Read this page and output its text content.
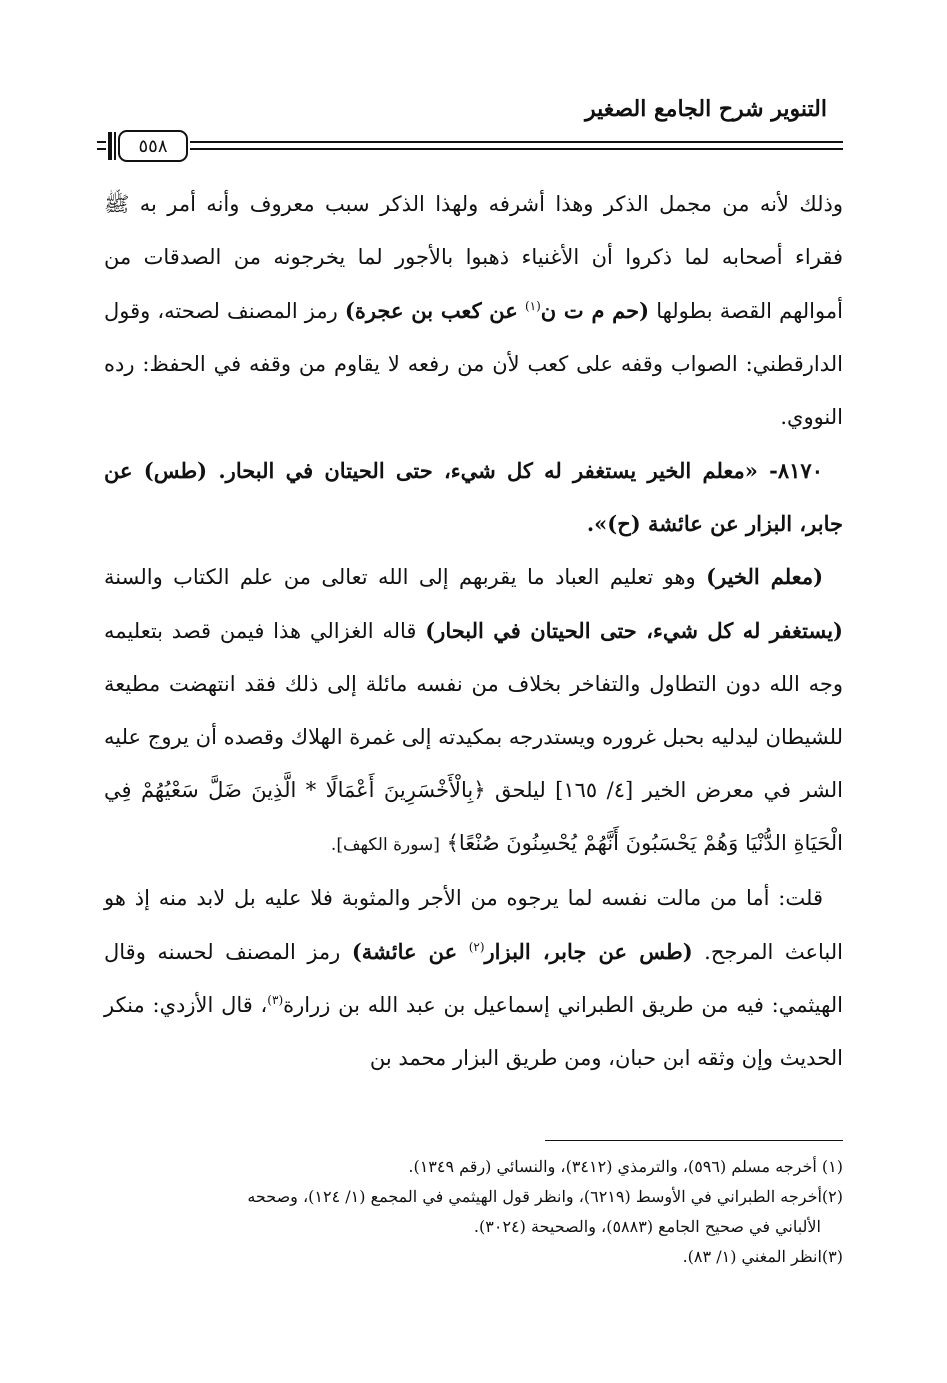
التنوير شرح الجامع الصغير
٥٥٨

وذلك لأنه من مجمل الذكر وهذا أشرفه ولهذا الذكر سبب معروف وأنه أمر به ﷺ فقراء أصحابه لما ذكروا أن الأغنياء ذهبوا بالأجور لما يخرجونه من الصدقات من أموالهم القصة بطولها (حم م ت ن$^{(١)}$ عن كعب بن عجرة) رمز المصنف لصحته، وقول الدارقطني: الصواب وقفه على كعب لأن من رفعه لا يقاوم من وقفه في الحفظ: رده النووي.

٨١٧٠- «معلم الخير يستغفر له كل شيء، حتى الحيتان في البحار. (طس) عن جابر، البزار عن عائشة (ح)».

(معلم الخير) وهو تعليم العباد ما يقربهم إلى الله تعالى من علم الكتاب والسنة (يستغفر له كل شيء، حتى الحيتان في البحار) قاله الغزالي هذا فيمن قصد بتعليمه وجه الله دون التطاول والتفاخر بخلاف من نفسه مائلة إلى ذلك فقد انتهضت مطيعة للشيطان ليدليه بحبل غروره ويستدرجه بمكيدته إلى غمرة الهلاك وقصده أن يروج عليه الشر في معرض الخير [٤/ ١٦٥] ليلحق ﴿بِالْأَخْسَرِينَ أَعْمَالًا * الَّذِينَ ضَلَّ سَعْيُهُمْ فِي الْحَيَاةِ الدُّنْيَا وَهُمْ يَحْسَبُونَ أَنَّهُمْ يُحْسِنُونَ صُنْعًا﴾ [سورة الكهف].

قلت: أما من مالت نفسه لما يرجوه من الأجر والمثوبة فلا عليه بل لابد منه إذ هو الباعث المرجح. (طس عن جابر، البزار$^{(٢)}$ عن عائشة) رمز المصنف لحسنه وقال الهيثمي: فيه من طريق الطبراني إسماعيل بن عبد الله بن زرارة$^{(٣)}$، قال الأزدي: منكر الحديث وإن وثقه ابن حبان، ومن طريق البزار محمد بن

(١) أخرجه مسلم (٥٩٦)، والترمذي (٣٤١٢)، والنسائي (رقم ١٣٤٩).

(٢)أخرجه الطبراني في الأوسط (٦٢١٩)، وانظر قول الهيثمي في المجمع (١/ ١٢٤)، وصححه

الألباني في صحيح الجامع (٥٨٨٣)، والصحيحة (٣٠٢٤).

(٣)انظر المغني (١/ ٨٣).
